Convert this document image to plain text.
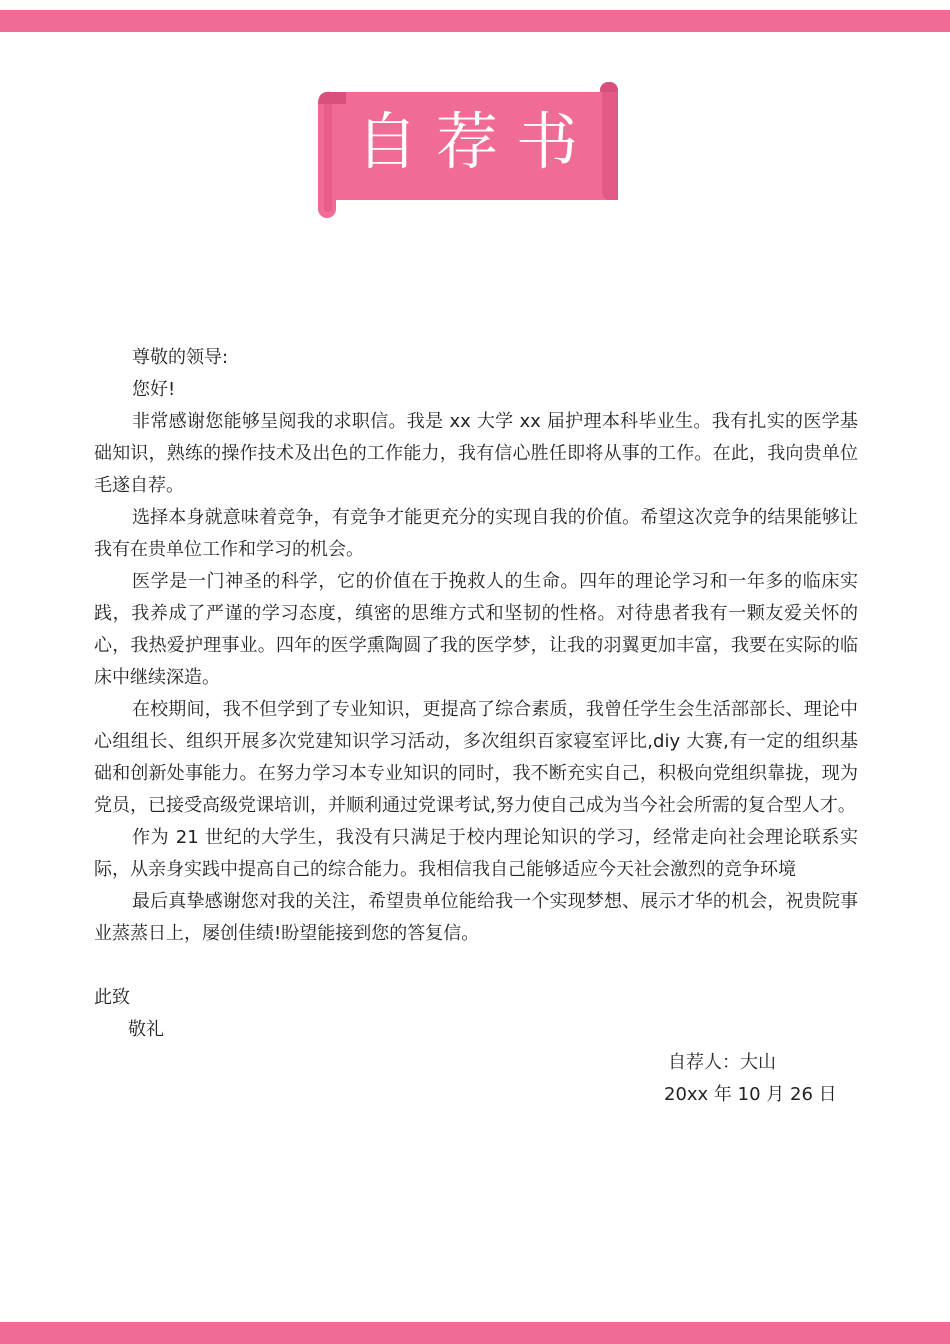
自荐书

尊敬的领导:

您好!

非常感谢您能够呈阅我的求职信。我是 xx 大学 xx 届护理本科毕业生。我有扎实的医学基础知识，熟练的操作技术及出色的工作能力，我有信心胜任即将从事的工作。在此，我向贵单位毛遂自荐。

选择本身就意味着竞争，有竞争才能更充分的实现自我的价值。希望这次竞争的结果能够让我有在贵单位工作和学习的机会。

医学是一门神圣的科学，它的价值在于挽救人的生命。四年的理论学习和一年多的临床实践，我养成了严谨的学习态度，缜密的思维方式和坚韧的性格。对待患者我有一颗友爱关怀的心，我热爱护理事业。四年的医学熏陶圆了我的医学梦，让我的羽翼更加丰富，我要在实际的临床中继续深造。

在校期间，我不但学到了专业知识，更提高了综合素质，我曾任学生会生活部部长、理论中心组组长、组织开展多次党建知识学习活动，多次组织百家寝室评比,diy 大赛,有一定的组织基础和创新处事能力。在努力学习本专业知识的同时，我不断充实自己，积极向党组织靠拢，现为党员，已接受高级党课培训，并顺利通过党课考试,努力使自己成为当今社会所需的复合型人才。

作为 21 世纪的大学生，我没有只满足于校内理论知识的学习，经常走向社会理论联系实际，从亲身实践中提高自己的综合能力。我相信我自己能够适应今天社会激烈的竞争环境

最后真挚感谢您对我的关注，希望贵单位能给我一个实现梦想、展示才华的机会，祝贵院事业蒸蒸日上，屡创佳绩!盼望能接到您的答复信。

此致
敬礼
自荐人：大山
20xx 年 10 月 26 日
